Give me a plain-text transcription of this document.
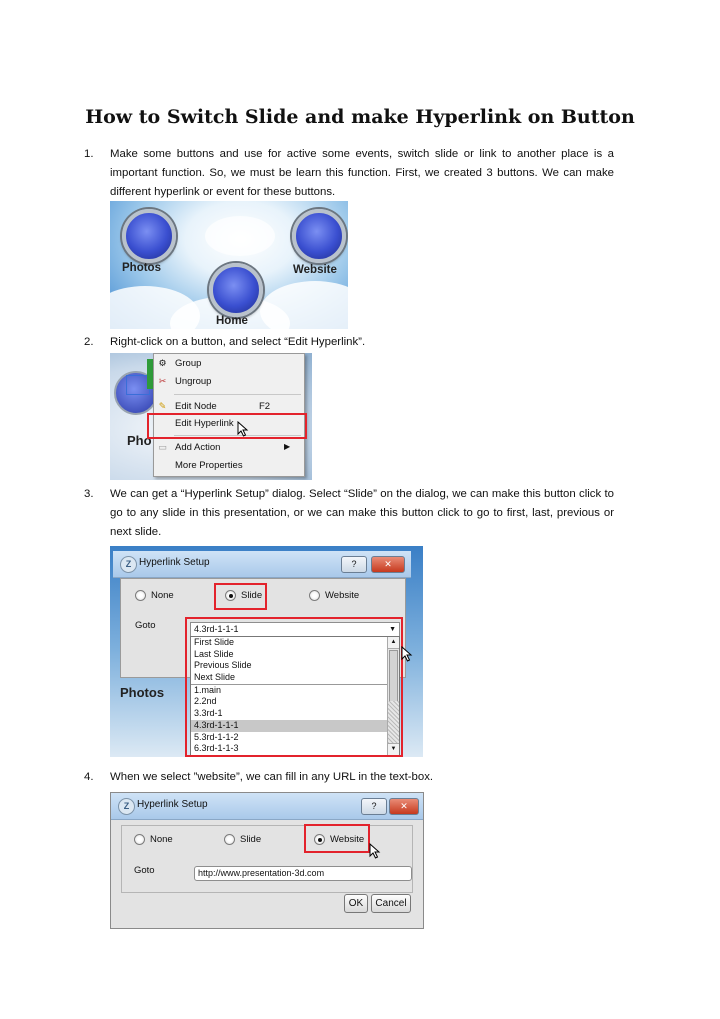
How to Switch Slide and make Hyperlink on Button
1. Make some buttons and use for active some events, switch slide or link to another place is a important function. So, we must be learn this function. First, we created 3 buttons. We can make different hyperlink or event for these buttons.

Photos	Website
Home
2. Right-click on a button, and select “Edit Hyperlink”.

Pho
⚙ Group
✂ Ungroup
✎ Edit Node	F2
Edit Hyperlink
▭ Add Action	▶
More Properties
3. We can get a “Hyperlink Setup” dialog. Select “Slide” on the dialog, we can make this button click to go to any slide in this presentation, or we can make this button click to go to first, last, previous or next slide.

Z Hyperlink Setup	?	✕
None	Slide	Website
Goto
Photos
4.3rd-1-1-1	▼
First Slide
Last Slide
Previous Slide
Next Slide
1.main
2.2nd
3.3rd-1
4.3rd-1-1-1
5.3rd-1-1-2
6.3rd-1-1-3
▲
▼
4. When we select ”website”, we can fill in any URL in the text-box.

Z Hyperlink Setup	?	✕
None	Slide	Website
Goto	http://www.presentation-3d.com
OK	Cancel
